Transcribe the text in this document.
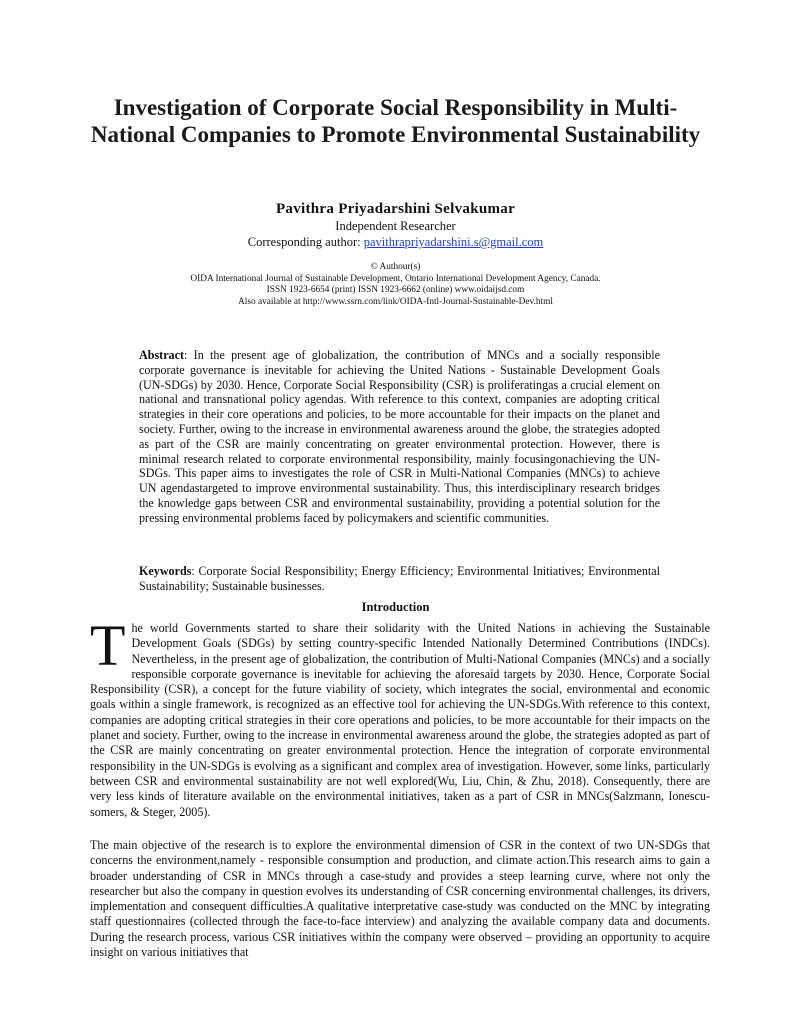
Investigation of Corporate Social Responsibility in Multi-National Companies to Promote Environmental Sustainability
Pavithra Priyadarshini Selvakumar
Independent Researcher
Corresponding author: pavithrapriyadarshini.s@gmail.com
© Authour(s)
OIDA International Journal of Sustainable Development, Ontario International Development Agency, Canada.
ISSN 1923-6654 (print) ISSN 1923-6662 (online) www.oidaijsd.com
Also available at http://www.ssrn.com/link/OIDA-Intl-Journal-Sustainable-Dev.html
Abstract: In the present age of globalization, the contribution of MNCs and a socially responsible corporate governance is inevitable for achieving the United Nations - Sustainable Development Goals (UN-SDGs) by 2030. Hence, Corporate Social Responsibility (CSR) is proliferatingas a crucial element on national and transnational policy agendas. With reference to this context, companies are adopting critical strategies in their core operations and policies, to be more accountable for their impacts on the planet and society. Further, owing to the increase in environmental awareness around the globe, the strategies adopted as part of the CSR are mainly concentrating on greater environmental protection. However, there is minimal research related to corporate environmental responsibility, mainly focusingonachieving the UN-SDGs. This paper aims to investigates the role of CSR in Multi-National Companies (MNCs) to achieve UN agendastargeted to improve environmental sustainability. Thus, this interdisciplinary research bridges the knowledge gaps between CSR and environmental sustainability, providing a potential solution for the pressing environmental problems faced by policymakers and scientific communities.
Keywords: Corporate Social Responsibility; Energy Efficiency; Environmental Initiatives; Environmental Sustainability; Sustainable businesses.
Introduction
The world Governments started to share their solidarity with the United Nations in achieving the Sustainable Development Goals (SDGs) by setting country-specific Intended Nationally Determined Contributions (INDCs). Nevertheless, in the present age of globalization, the contribution of Multi-National Companies (MNCs) and a socially responsible corporate governance is inevitable for achieving the aforesaid targets by 2030. Hence, Corporate Social Responsibility (CSR), a concept for the future viability of society, which integrates the social, environmental and economic goals within a single framework, is recognized as an effective tool for achieving the UN-SDGs.With reference to this context, companies are adopting critical strategies in their core operations and policies, to be more accountable for their impacts on the planet and society. Further, owing to the increase in environmental awareness around the globe, the strategies adopted as part of the CSR are mainly concentrating on greater environmental protection. Hence the integration of corporate environmental responsibility in the UN-SDGs is evolving as a significant and complex area of investigation. However, some links, particularly between CSR and environmental sustainability are not well explored(Wu, Liu, Chin, & Zhu, 2018). Consequently, there are very less kinds of literature available on the environmental initiatives, taken as a part of CSR in MNCs(Salzmann, Ionescu-somers, & Steger, 2005).
The main objective of the research is to explore the environmental dimension of CSR in the context of two UN-SDGs that concerns the environment,namely - responsible consumption and production, and climate action.This research aims to gain a broader understanding of CSR in MNCs through a case-study and provides a steep learning curve, where not only the researcher but also the company in question evolves its understanding of CSR concerning environmental challenges, its drivers, implementation and consequent difficulties.A qualitative interpretative case-study was conducted on the MNC by integrating staff questionnaires (collected through the face-to-face interview) and analyzing the available company data and documents. During the research process, various CSR initiatives within the company were observed – providing an opportunity to acquire insight on various initiatives that
